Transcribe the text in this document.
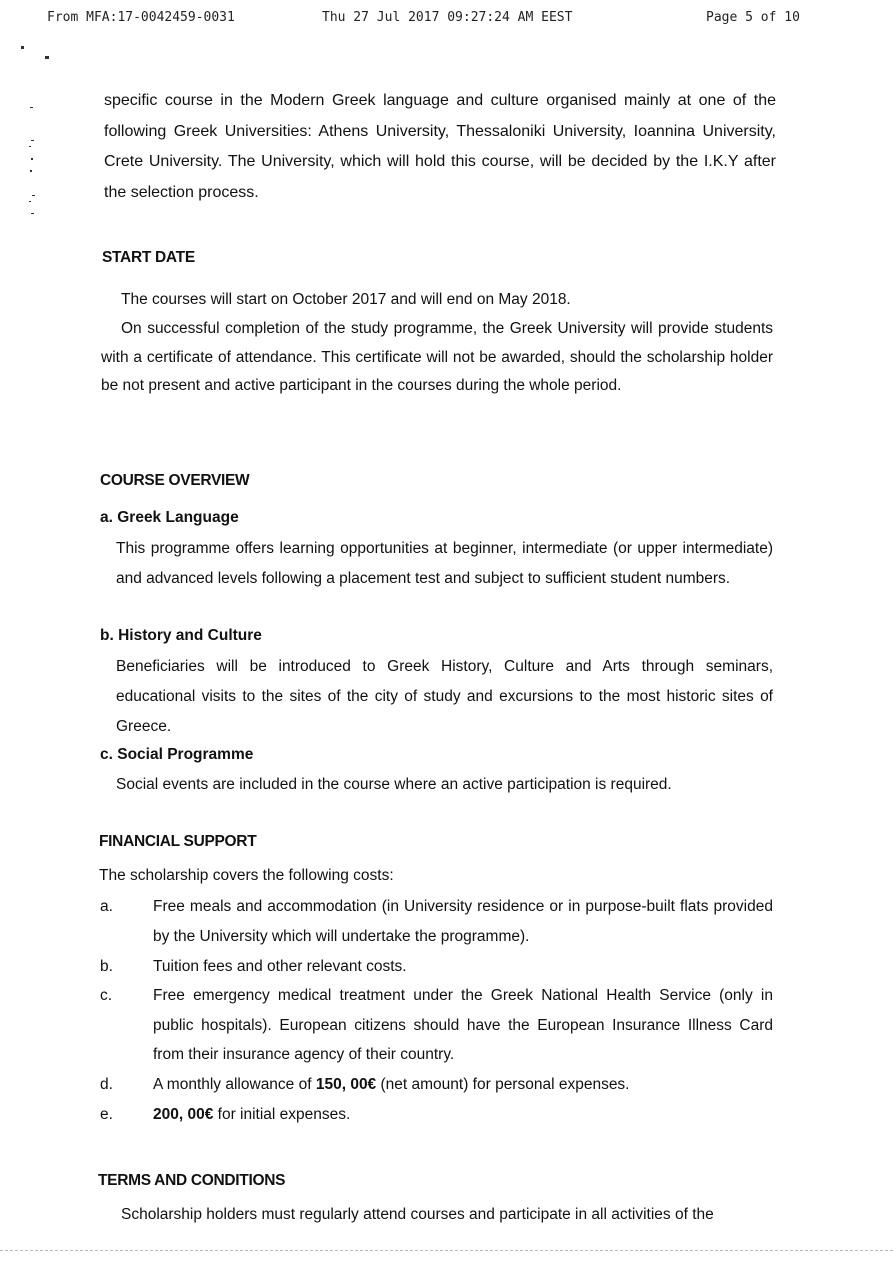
From MFA:17-0042459-0031	Thu 27 Jul 2017 09:27:24 AM EEST	Page 5 of 10

specific course in the Modern Greek language and culture organised mainly at one of the following Greek Universities: Athens University, Thessaloniki University, Ioannina University, Crete University. The University, which will hold this course, will be decided by the I.K.Y after the selection process.

START DATE

The courses will start on October 2017 and will end on May 2018.

On successful completion of the study programme, the Greek University will provide students with a certificate of attendance. This certificate will not be awarded, should the scholarship holder be not present and active participant in the courses during the whole period.

COURSE OVERVIEW
a. Greek Language

This programme offers learning opportunities at beginner, intermediate (or upper intermediate) and advanced levels following a placement test and subject to sufficient student numbers.

b. History and Culture

Beneficiaries will be introduced to Greek History, Culture and Arts through seminars, educational visits to the sites of the city of study and excursions to the most historic sites of Greece.

c. Social Programme

Social events are included in the course where an active participation is required.

FINANCIAL SUPPORT

The scholarship covers the following costs:

a.	Free meals and accommodation (in University residence or in purpose-built flats provided by the University which will undertake the programme).
b.	Tuition fees and other relevant costs.
c.	Free emergency medical treatment under the Greek National Health Service (only in public hospitals). European citizens should have the European Insurance Illness Card from their insurance agency of their country.
d.	A monthly allowance of 150, 00€ (net amount) for personal expenses.
e.	200, 00€ for initial expenses.
TERMS AND CONDITIONS

Scholarship holders must regularly attend courses and participate in all activities of the
